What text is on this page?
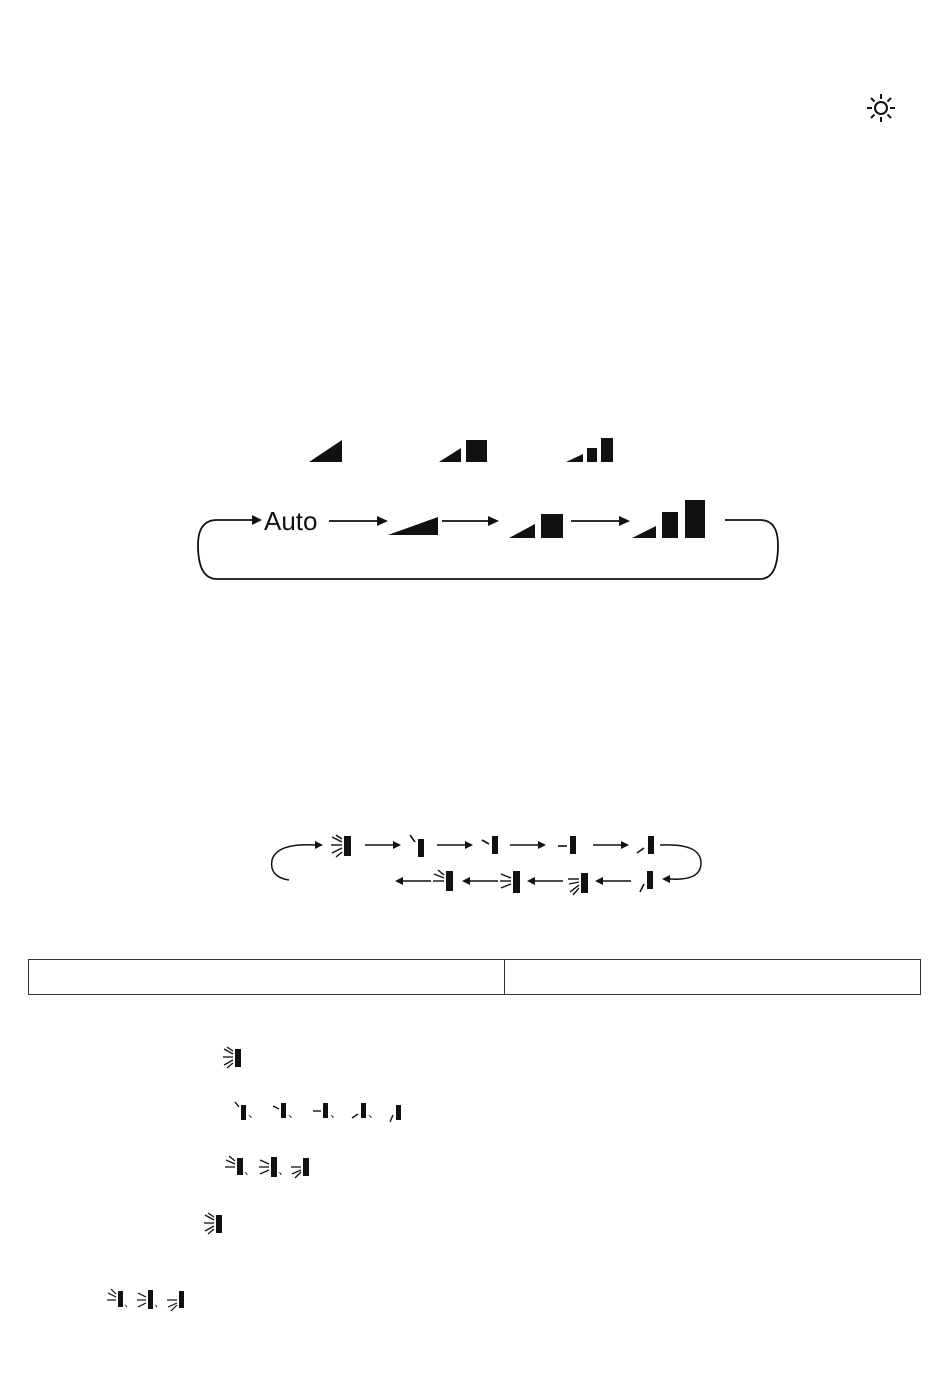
Auto

、 、 、 、
、 、
、 、
